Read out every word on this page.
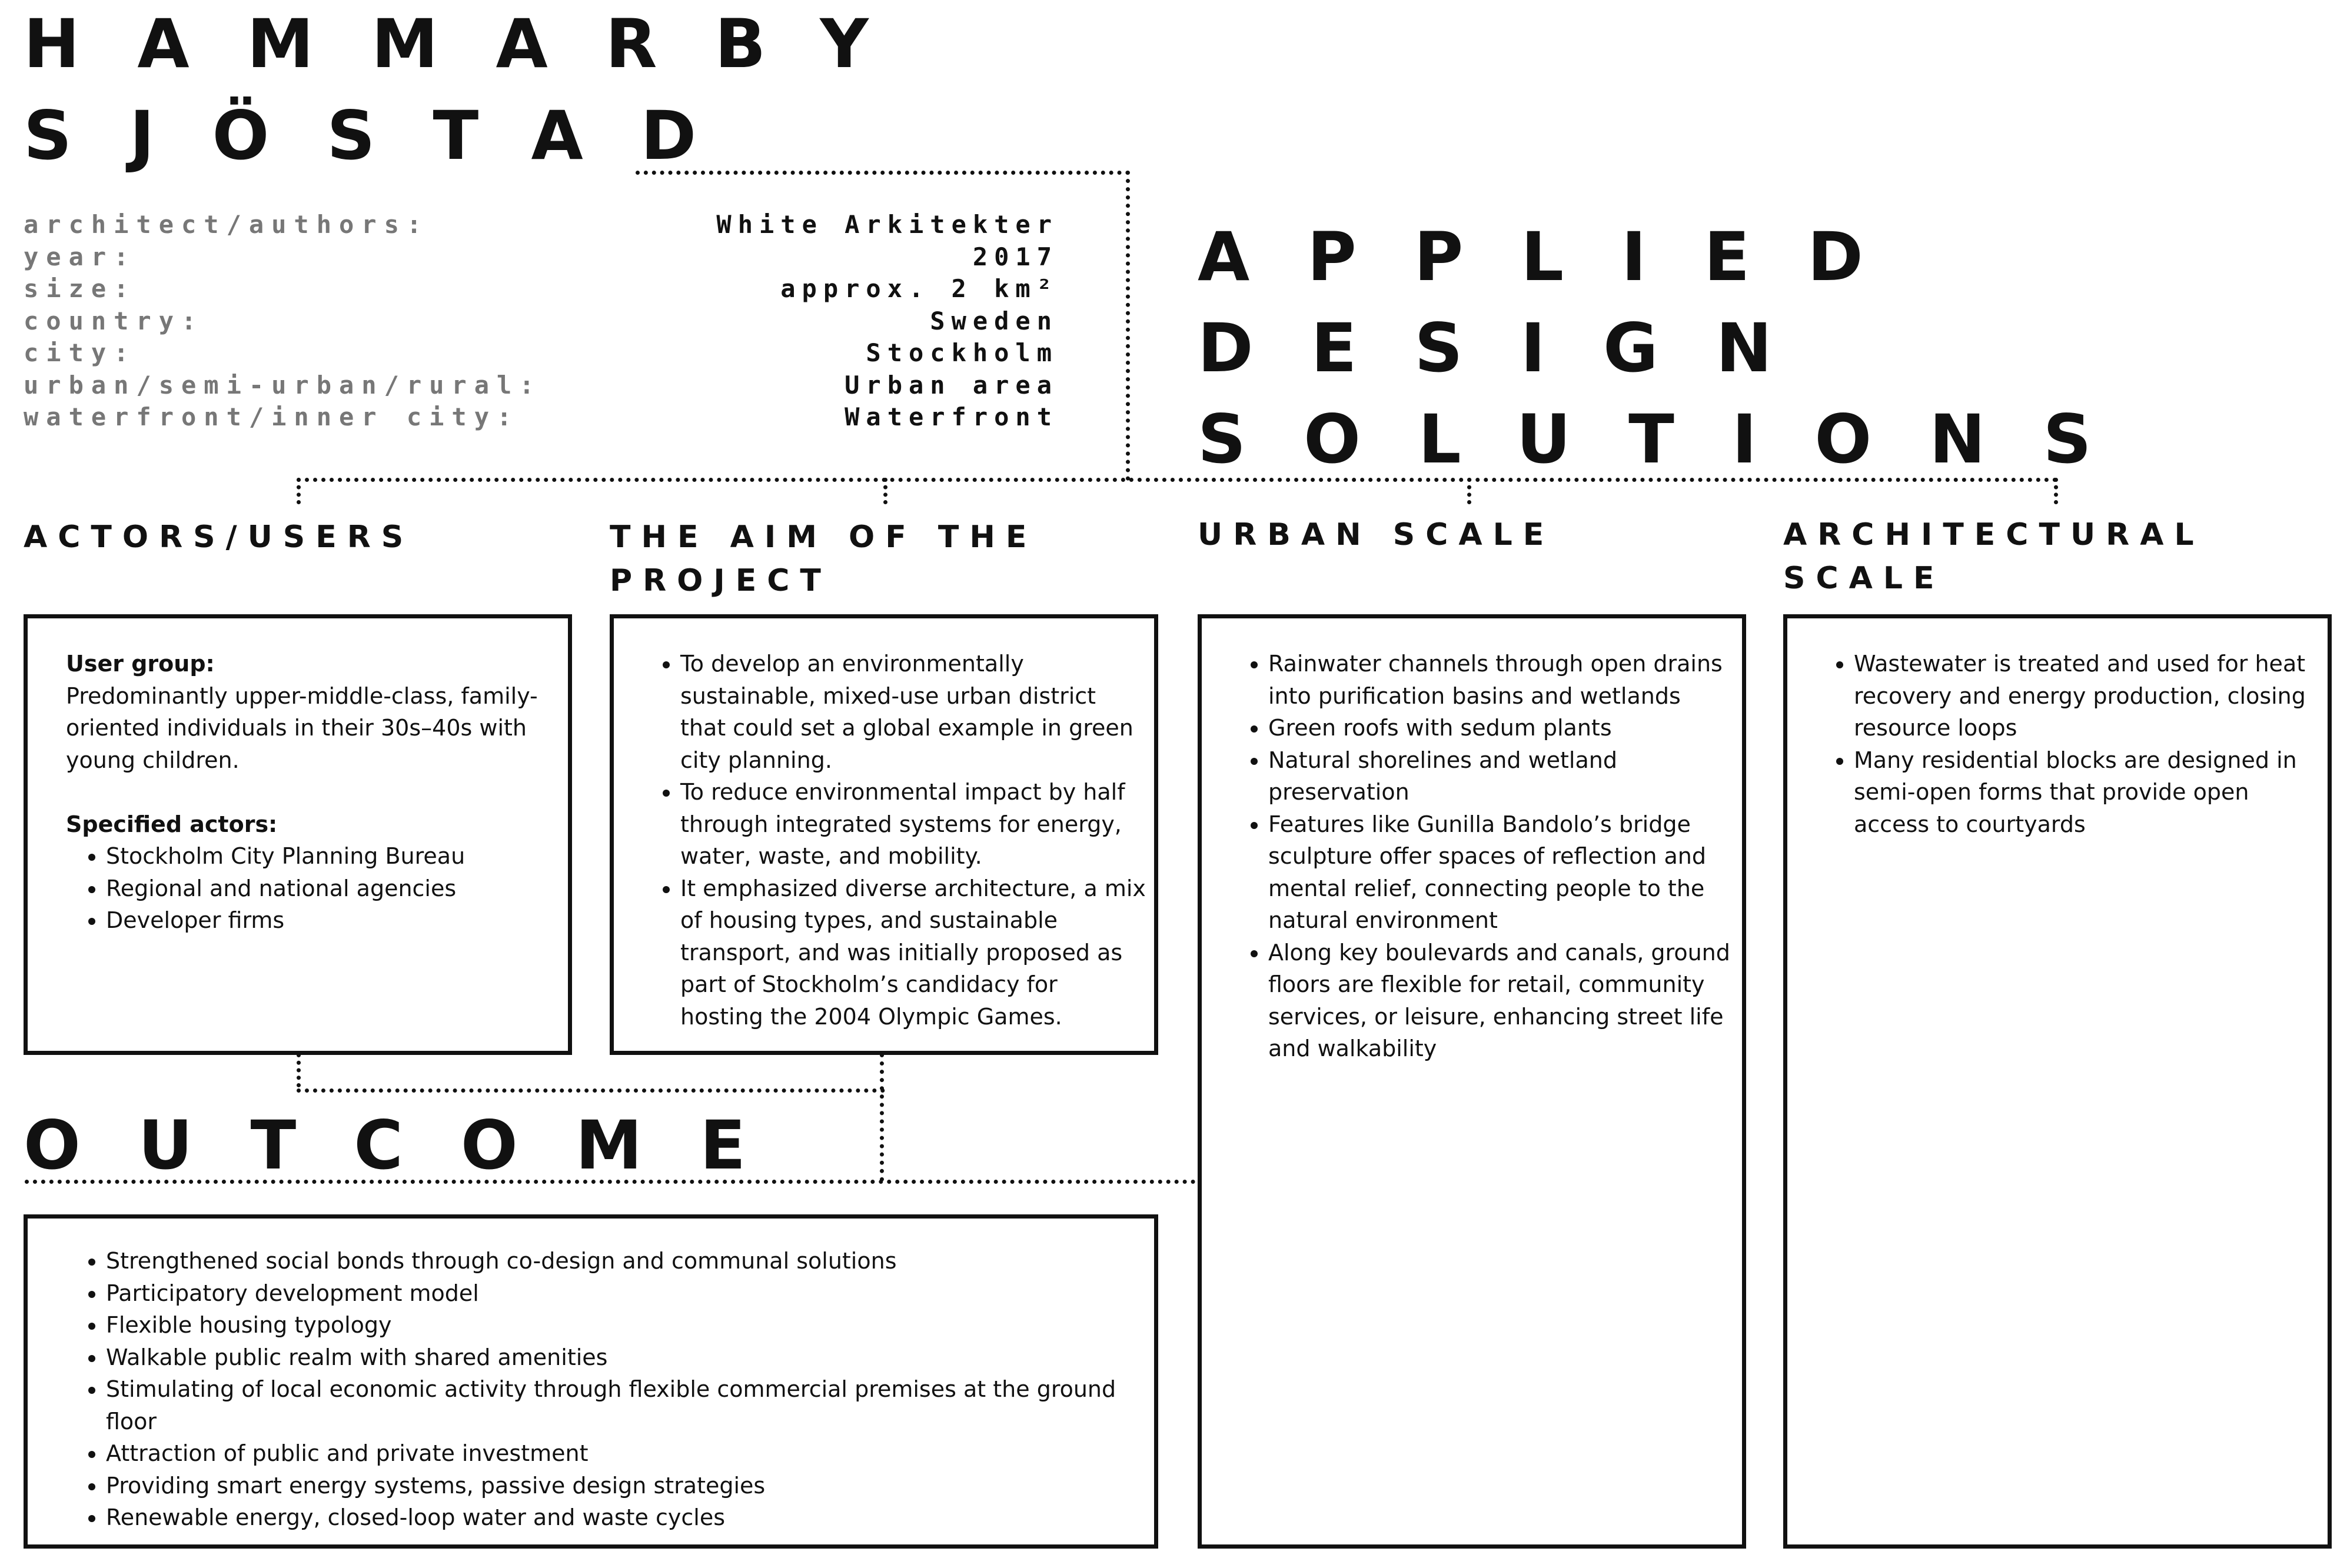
HAMMARBY
SJÖSTAD
architect/authors:
year:
size:
country:
city:
urban/semi-urban/rural:
waterfront/inner city:
White Arkitekter
2017
approx. 2 km²
Sweden
Stockholm
Urban area
Waterfront
APPLIED
DESIGN
SOLUTIONS
ACTORS/USERS	THE AIM OF THE PROJECT
URBAN SCALE	ARCHITECTURAL SCALE
User group:
Predominantly upper-middle-class, family-oriented individuals in their 30s–40s with young children.
Specified actors:
• Stockholm City Planning Bureau
• Regional and national agencies
• Developer firms
• To develop an environmentally sustainable, mixed-use urban district that could set a global example in green city planning.
• To reduce environmental impact by half through integrated systems for energy, water, waste, and mobility.
• It emphasized diverse architecture, a mix of housing types, and sustainable transport, and was initially proposed as part of Stockholm’s candidacy for hosting the 2004 Olympic Games.
• Rainwater channels through open drains into purification basins and wetlands
• Green roofs with sedum plants
• Natural shorelines and wetland preservation
• Features like Gunilla Bandolo’s bridge sculpture offer spaces of reflection and mental relief, connecting people to the natural environment
• Along key boulevards and canals, ground floors are flexible for retail, community services, or leisure, enhancing street life and walkability
• Wastewater is treated and used for heat recovery and energy production, closing resource loops
• Many residential blocks are designed in semi-open forms that provide open access to courtyards
OUTCOME
• Strengthened social bonds through co-design and communal solutions
• Participatory development model
• Flexible housing typology
• Walkable public realm with shared amenities
• Stimulating of local economic activity through flexible commercial premises at the ground floor
• Attraction of public and private investment
• Providing smart energy systems, passive design strategies
• Renewable energy, closed-loop water and waste cycles
